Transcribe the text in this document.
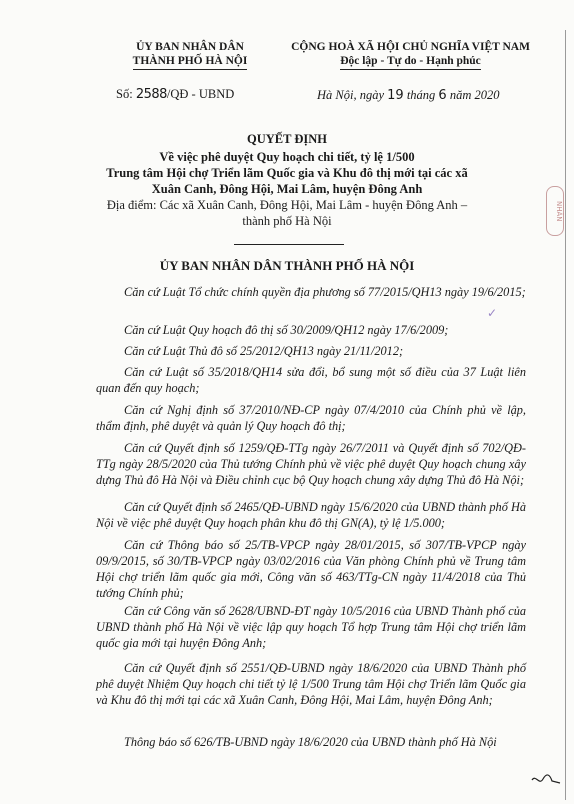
ỦY BAN NHÂN DÂN
THÀNH PHỐ HÀ NỘI
CỘNG HOÀ XÃ HỘI CHỦ NGHĨA VIỆT NAM
Độc lập - Tự do - Hạnh phúc
Số: 2588/QĐ - UBND	Hà Nội, ngày 19 tháng 6 năm 2020
QUYẾT ĐỊNH
Về việc phê duyệt Quy hoạch chi tiết, tỷ lệ 1/500
Trung tâm Hội chợ Triển lãm Quốc gia và Khu đô thị mới tại các xã
Xuân Canh, Đông Hội, Mai Lâm, huyện Đông Anh
Địa điểm: Các xã Xuân Canh, Đông Hội, Mai Lâm - huyện Đông Anh –
thành phố Hà Nội
ỦY BAN NHÂN DÂN THÀNH PHỐ HÀ NỘI
Căn cứ Luật Tổ chức chính quyền địa phương số 77/2015/QH13 ngày 19/6/2015;
Căn cứ Luật Quy hoạch đô thị số 30/2009/QH12 ngày 17/6/2009;
Căn cứ Luật Thủ đô số 25/2012/QH13 ngày 21/11/2012;
Căn cứ Luật số 35/2018/QH14 sửa đổi, bổ sung một số điều của 37 Luật liên quan đến quy hoạch;
Căn cứ Nghị định số 37/2010/NĐ-CP ngày 07/4/2010 của Chính phủ về lập, thẩm định, phê duyệt và quản lý Quy hoạch đô thị;
Căn cứ Quyết định số 1259/QĐ-TTg ngày 26/7/2011 và Quyết định số 702/QĐ-TTg ngày 28/5/2020 của Thủ tướng Chính phủ về việc phê duyệt Quy hoạch chung xây dựng Thủ đô Hà Nội và Điều chỉnh cục bộ Quy hoạch chung xây dựng Thủ đô Hà Nội;
Căn cứ Quyết định số 2465/QĐ-UBND ngày 15/6/2020 của UBND thành phố Hà Nội về việc phê duyệt Quy hoạch phân khu đô thị GN(A), tỷ lệ 1/5.000;
Căn cứ Thông báo số 25/TB-VPCP ngày 28/01/2015, số 307/TB-VPCP ngày 09/9/2015, số 30/TB-VPCP ngày 03/02/2016 của Văn phòng Chính phủ về Trung tâm Hội chợ triển lãm quốc gia mới, Công văn số 463/TTg-CN ngày 11/4/2018 của Thủ tướng Chính phủ;
Căn cứ Công văn số 2628/UBND-ĐT ngày 10/5/2016 của UBND Thành phố của UBND thành phố Hà Nội về việc lập quy hoạch Tổ hợp Trung tâm Hội chợ triển lãm quốc gia mới tại huyện Đông Anh;
Căn cứ Quyết định số 2551/QĐ-UBND ngày 18/6/2020 của UBND Thành phố phê duyệt Nhiệm Quy hoạch chi tiết tỷ lệ 1/500 Trung tâm Hội chợ Triển lãm Quốc gia và Khu đô thị mới tại các xã Xuân Canh, Đông Hội, Mai Lâm, huyện Đông Anh;
Thông báo số 626/TB-UBND ngày 18/6/2020 của UBND thành phố Hà Nội
NHÂN
✓
